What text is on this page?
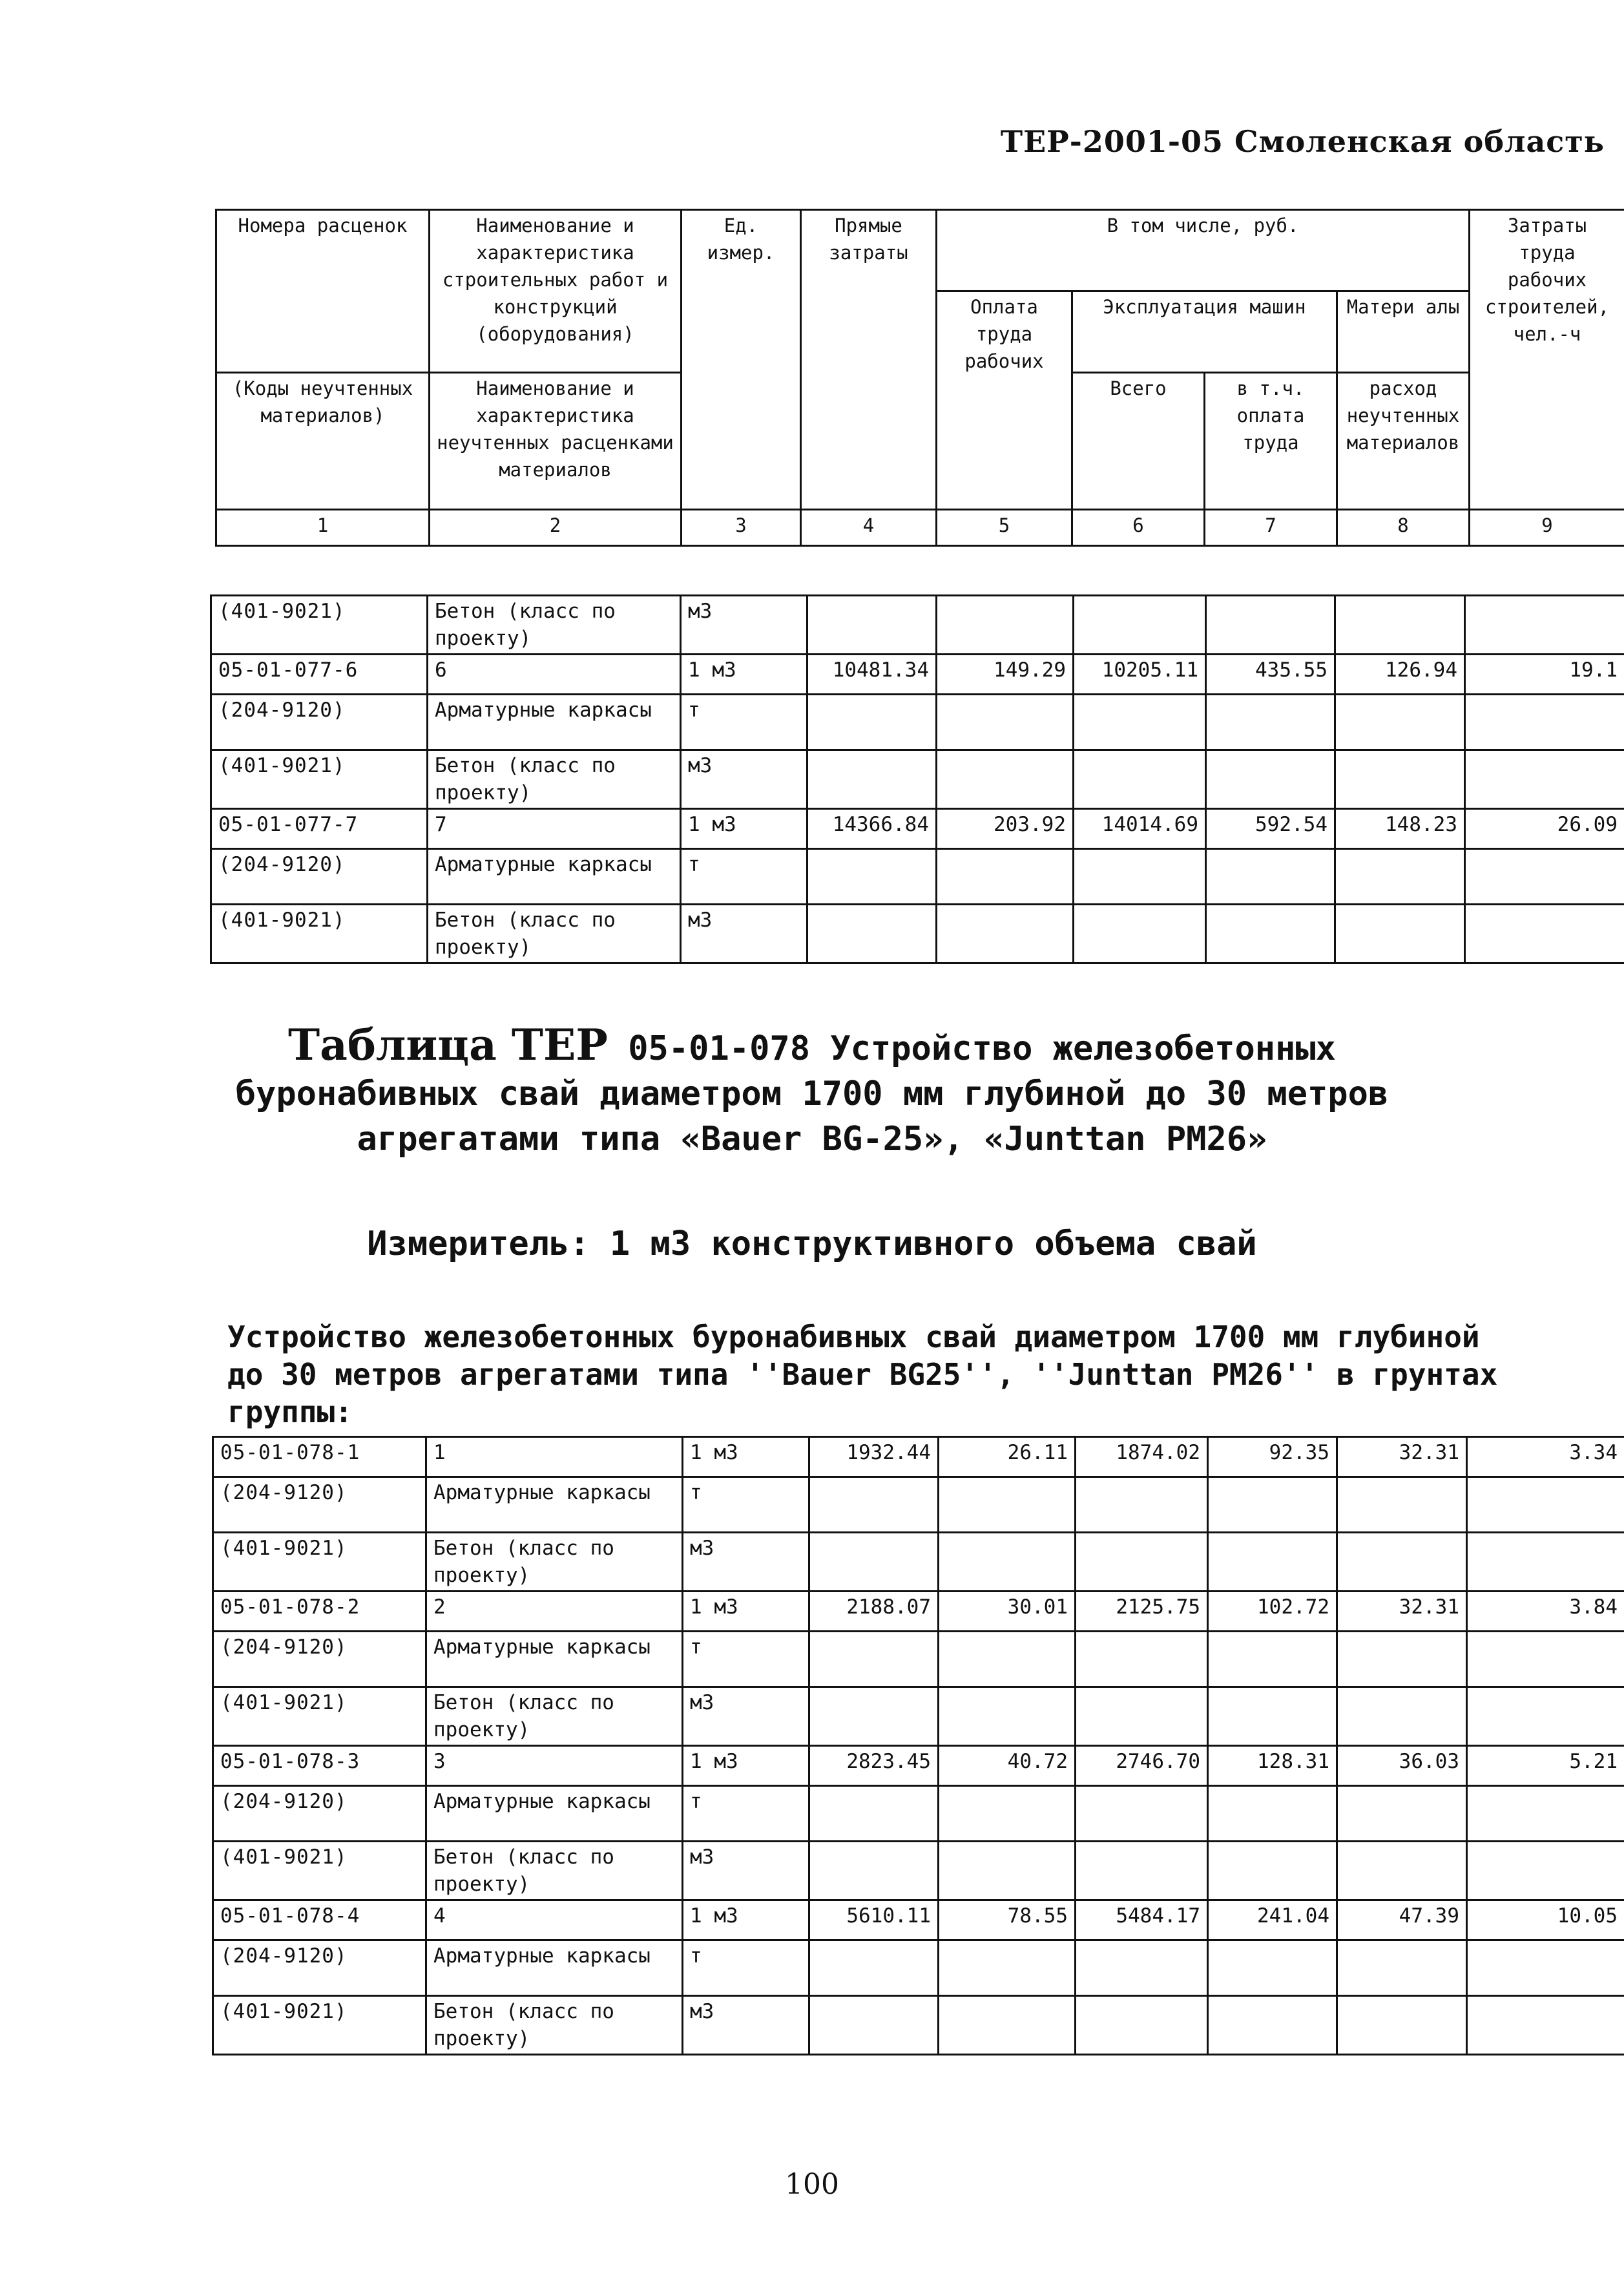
ТЕР-2001-05 Смоленская область
Номера расценок	Наименование и характеристика строительных работ и конструкций (оборудования)	Ед. измер.	Прямые затраты	В том числе, руб.				Затраты труда рабочих строителей, чел.-ч
				Оплата труда рабочих	Эксплуатация машин		Матери алы	
(Коды неучтенных материалов)	Наименование и характеристика неучтенных расценками материалов				Всего	в т.ч. оплата труда	расход неучтенных материалов	
1	2	3	4	5	6	7	8	9
(401-9021)	Бетон (класс по проекту)	м3						
05-01-077-6	6	1 м3	10481.34	149.29	10205.11	435.55	126.94	19.1
(204-9120)	Арматурные каркасы	т						
(401-9021)	Бетон (класс по проекту)	м3						
05-01-077-7	7	1 м3	14366.84	203.92	14014.69	592.54	148.23	26.09
(204-9120)	Арматурные каркасы	т						
(401-9021)	Бетон (класс по проекту)	м3						
Таблица ТЕР 05-01-078 Устройство железобетонных
буронабивных свай диаметром 1700 мм глубиной до 30 метров
агрегатами типа «Bauer BG-25», «Junttan PM26»
Измеритель: 1 м3 конструктивного объема свай
Устройство железобетонных буронабивных свай диаметром 1700 мм глубиной до 30 метров агрегатами типа ''Bauer BG25'', ''Junttan PM26'' в грунтах группы:
05-01-078-1	1	1 м3	1932.44	26.11	1874.02	92.35	32.31	3.34
(204-9120)	Арматурные каркасы	т						
(401-9021)	Бетон (класс по проекту)	м3						
05-01-078-2	2	1 м3	2188.07	30.01	2125.75	102.72	32.31	3.84
(204-9120)	Арматурные каркасы	т						
(401-9021)	Бетон (класс по проекту)	м3						
05-01-078-3	3	1 м3	2823.45	40.72	2746.70	128.31	36.03	5.21
(204-9120)	Арматурные каркасы	т						
(401-9021)	Бетон (класс по проекту)	м3						
05-01-078-4	4	1 м3	5610.11	78.55	5484.17	241.04	47.39	10.05
(204-9120)	Арматурные каркасы	т						
(401-9021)	Бетон (класс по проекту)	м3						
100
